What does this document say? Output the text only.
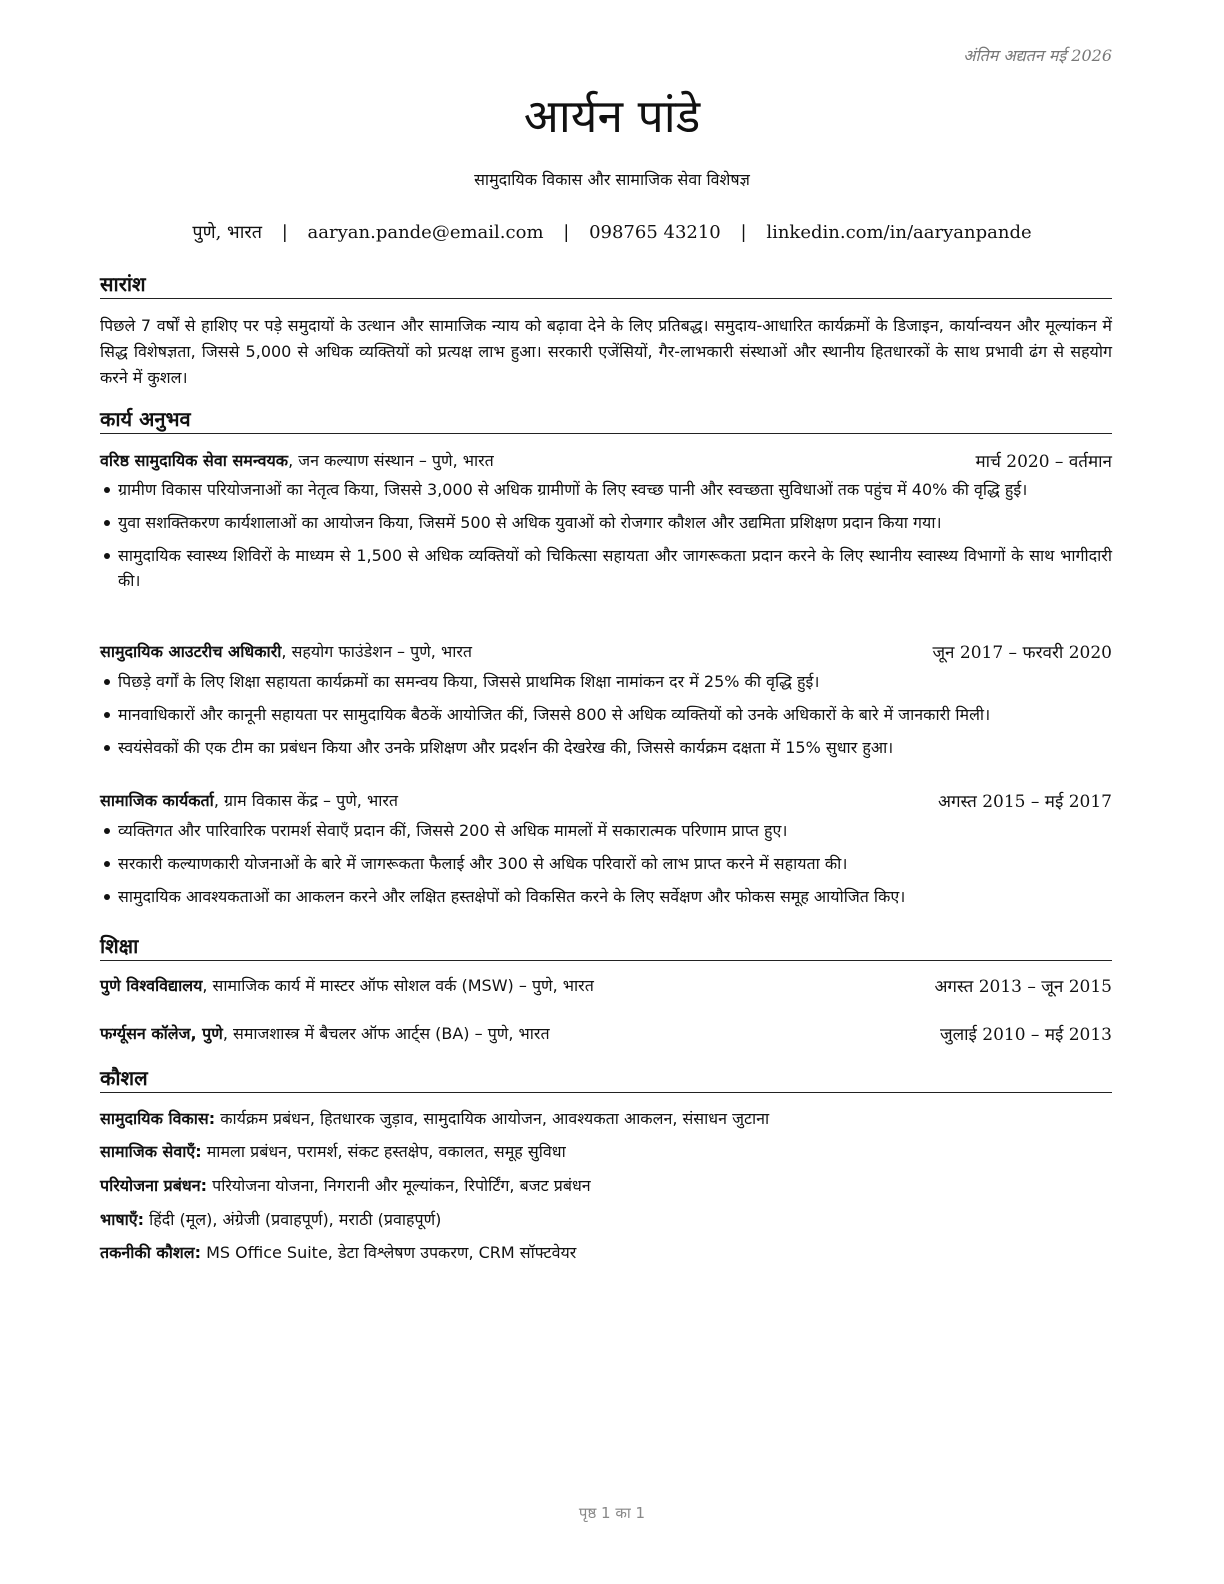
अंतिम अद्यतन मई 2026
आर्यन पांडे
सामुदायिक विकास और सामाजिक सेवा विशेषज्ञ
पुणे, भारत | aaryan.pande@email.com | 098765 43210 | linkedin.com/in/aaryanpande
सारांश
पिछले 7 वर्षों से हाशिए पर पड़े समुदायों के उत्थान और सामाजिक न्याय को बढ़ावा देने के लिए प्रतिबद्ध। समुदाय-आधारित कार्यक्रमों के डिजाइन, कार्यान्वयन और मूल्यांकन में सिद्ध विशेषज्ञता, जिससे 5,000 से अधिक व्यक्तियों को प्रत्यक्ष लाभ हुआ। सरकारी एजेंसियों, गैर-लाभकारी संस्थाओं और स्थानीय हितधारकों के साथ प्रभावी ढंग से सहयोग करने में कुशल।
कार्य अनुभव
वरिष्ठ सामुदायिक सेवा समन्वयक, जन कल्याण संस्थान – पुणे, भारत	मार्च 2020 – वर्तमान
ग्रामीण विकास परियोजनाओं का नेतृत्व किया, जिससे 3,000 से अधिक ग्रामीणों के लिए स्वच्छ पानी और स्वच्छता सुविधाओं तक पहुंच में 40% की वृद्धि हुई।
युवा सशक्तिकरण कार्यशालाओं का आयोजन किया, जिसमें 500 से अधिक युवाओं को रोजगार कौशल और उद्यमिता प्रशिक्षण प्रदान किया गया।
सामुदायिक स्वास्थ्य शिविरों के माध्यम से 1,500 से अधिक व्यक्तियों को चिकित्सा सहायता और जागरूकता प्रदान करने के लिए स्थानीय स्वास्थ्य विभागों के साथ भागीदारी की।
सामुदायिक आउटरीच अधिकारी, सहयोग फाउंडेशन – पुणे, भारत	जून 2017 – फरवरी 2020
पिछड़े वर्गों के लिए शिक्षा सहायता कार्यक्रमों का समन्वय किया, जिससे प्राथमिक शिक्षा नामांकन दर में 25% की वृद्धि हुई।
मानवाधिकारों और कानूनी सहायता पर सामुदायिक बैठकें आयोजित कीं, जिससे 800 से अधिक व्यक्तियों को उनके अधिकारों के बारे में जानकारी मिली।
स्वयंसेवकों की एक टीम का प्रबंधन किया और उनके प्रशिक्षण और प्रदर्शन की देखरेख की, जिससे कार्यक्रम दक्षता में 15% सुधार हुआ।
सामाजिक कार्यकर्ता, ग्राम विकास केंद्र – पुणे, भारत	अगस्त 2015 – मई 2017
व्यक्तिगत और पारिवारिक परामर्श सेवाएँ प्रदान कीं, जिससे 200 से अधिक मामलों में सकारात्मक परिणाम प्राप्त हुए।
सरकारी कल्याणकारी योजनाओं के बारे में जागरूकता फैलाई और 300 से अधिक परिवारों को लाभ प्राप्त करने में सहायता की।
सामुदायिक आवश्यकताओं का आकलन करने और लक्षित हस्तक्षेपों को विकसित करने के लिए सर्वेक्षण और फोकस समूह आयोजित किए।
शिक्षा
पुणे विश्वविद्यालय, सामाजिक कार्य में मास्टर ऑफ सोशल वर्क (MSW) – पुणे, भारत	अगस्त 2013 – जून 2015
फर्ग्यूसन कॉलेज, पुणे, समाजशास्त्र में बैचलर ऑफ आर्ट्स (BA) – पुणे, भारत	जुलाई 2010 – मई 2013
कौशल
सामुदायिक विकास: कार्यक्रम प्रबंधन, हितधारक जुड़ाव, सामुदायिक आयोजन, आवश्यकता आकलन, संसाधन जुटाना
सामाजिक सेवाएँ: मामला प्रबंधन, परामर्श, संकट हस्तक्षेप, वकालत, समूह सुविधा
परियोजना प्रबंधन: परियोजना योजना, निगरानी और मूल्यांकन, रिपोर्टिंग, बजट प्रबंधन
भाषाएँ: हिंदी (मूल), अंग्रेजी (प्रवाहपूर्ण), मराठी (प्रवाहपूर्ण)
तकनीकी कौशल: MS Office Suite, डेटा विश्लेषण उपकरण, CRM सॉफ्टवेयर
पृष्ठ 1 का 1
